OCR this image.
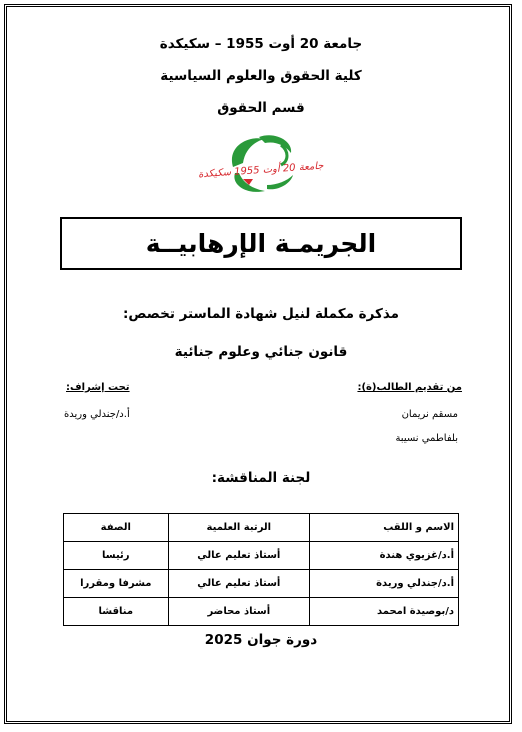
جامعة 20 أوت 1955 – سكيكدة
كلية الحقوق والعلوم السياسية
قسم الحقوق
جامعة 20 أوت 1955 سكيكدة
الجريمـة الإرهابيــة
مذكرة مكملة لنيل شهادة الماستر تخصص:
قانون جنائي وعلوم جنائية
من تقديم الطالب(ة):
مسقم نريمان
بلفاطمي نسيبة
تحت إشراف:
أ.د/جندلي وريدة
لجنة المناقشة:
الاسم و اللقب	الرتبة العلمية	الصفة
أ.د/غزيوي هندة	أستاذ تعليم عالي	رئيسا
أ.د/جندلي وريدة	أستاذ تعليم عالي	مشرفا ومقررا
د/بوصيدة امحمد	أستاذ محاضر	مناقشا
دورة جوان 2025
